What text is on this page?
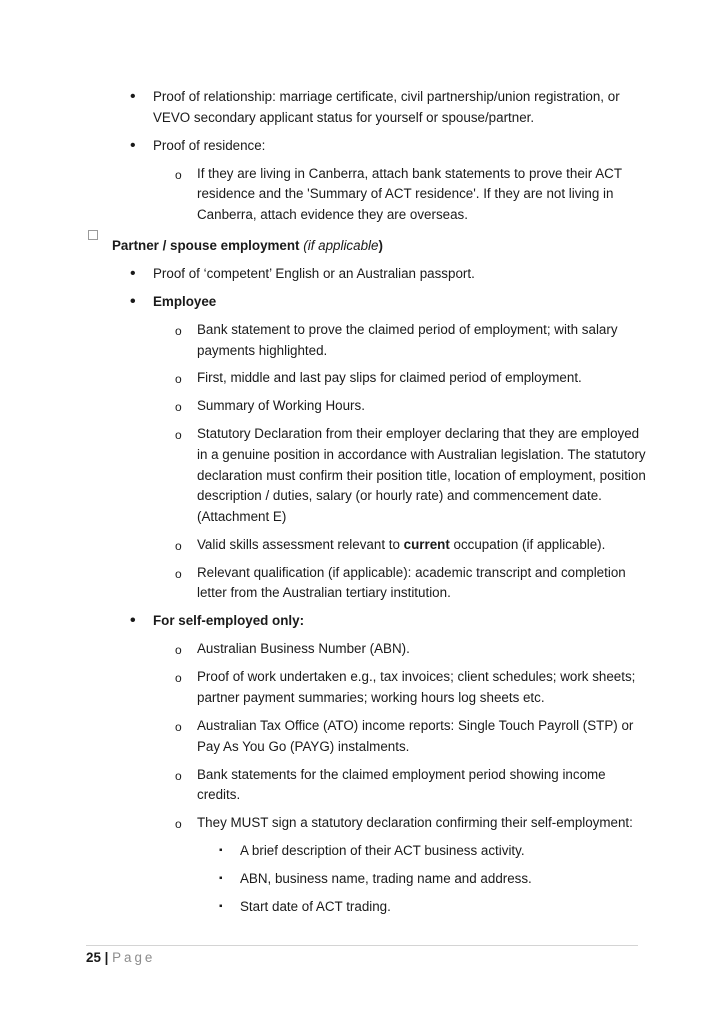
• Proof of relationship: marriage certificate, civil partnership/union registration, or VEVO secondary applicant status for yourself or spouse/partner.
• Proof of residence:
o If they are living in Canberra, attach bank statements to prove their ACT residence and the 'Summary of ACT residence'. If they are not living in Canberra, attach evidence they are overseas.
Partner / spouse employment (if applicable)
• Proof of ‘competent’ English or an Australian passport.
• Employee
o Bank statement to prove the claimed period of employment; with salary payments highlighted.
o First, middle and last pay slips for claimed period of employment.
o Summary of Working Hours.
o Statutory Declaration from their employer declaring that they are employed in a genuine position in accordance with Australian legislation. The statutory declaration must confirm their position title, location of employment, position description / duties, salary (or hourly rate) and commencement date. (Attachment E)
o Valid skills assessment relevant to current occupation (if applicable).
o Relevant qualification (if applicable): academic transcript and completion letter from the Australian tertiary institution.
• For self-employed only:
o Australian Business Number (ABN).
o Proof of work undertaken e.g., tax invoices; client schedules; work sheets; partner payment summaries; working hours log sheets etc.
o Australian Tax Office (ATO) income reports: Single Touch Payroll (STP) or Pay As You Go (PAYG) instalments.
o Bank statements for the claimed employment period showing income credits.
o They MUST sign a statutory declaration confirming their self-employment:
▪ A brief description of their ACT business activity.
▪ ABN, business name, trading name and address.
▪ Start date of ACT trading.
25 | Page
